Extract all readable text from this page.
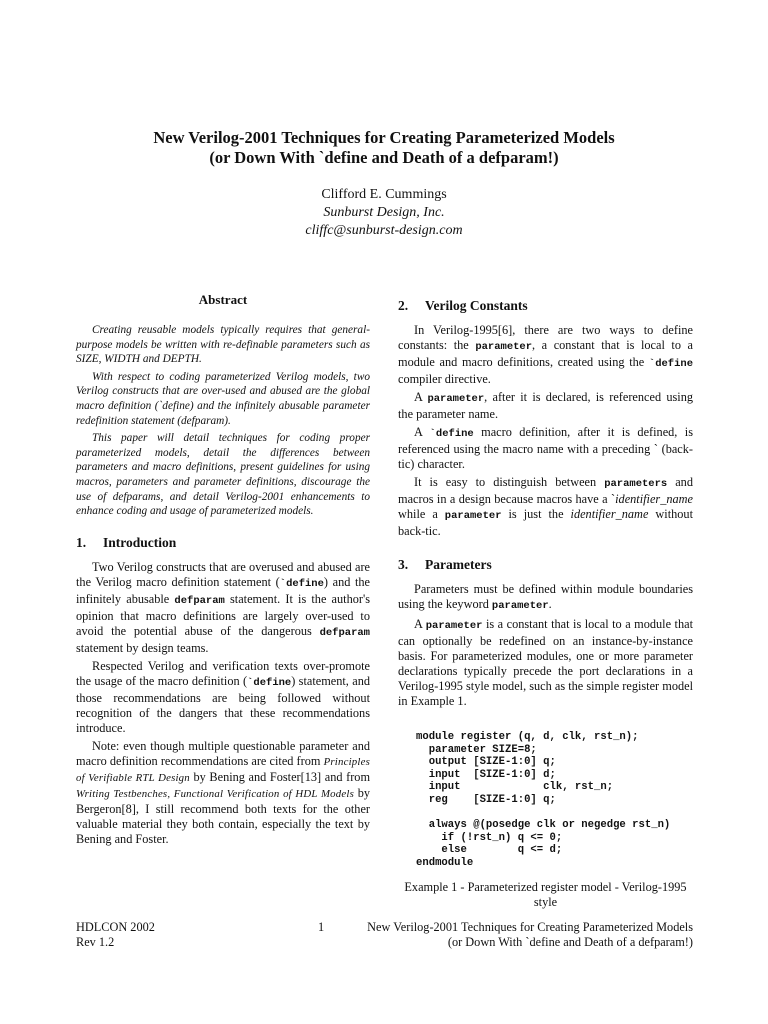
New Verilog-2001 Techniques for Creating Parameterized Models
(or Down With `define and Death of a defparam!)
Clifford E. Cummings
Sunburst Design, Inc.
cliffc@sunburst-design.com
Abstract

Creating reusable models typically requires that general-purpose models be written with re-definable parameters such as SIZE, WIDTH and DEPTH.

With respect to coding parameterized Verilog models, two Verilog constructs that are over-used and abused are the global macro definition (`define) and the infinitely abusable parameter redefinition statement (defparam).

This paper will detail techniques for coding proper parameterized models, detail the differences between parameters and macro definitions, present guidelines for using macros, parameters and parameter definitions, discourage the use of defparams, and detail Verilog-2001 enhancements to enhance coding and usage of parameterized models.

1. Introduction

Two Verilog constructs that are overused and abused are the Verilog macro definition statement (`define) and the infinitely abusable defparam statement. It is the author's opinion that macro definitions are largely over-used to avoid the potential abuse of the dangerous defparam statement by design teams.

Respected Verilog and verification texts over-promote the usage of the macro definition (`define) statement, and those recommendations are being followed without recognition of the dangers that these recommendations introduce.

Note: even though multiple questionable parameter and macro definition recommendations are cited from Principles of Verifiable RTL Design by Bening and Foster[13] and from Writing Testbenches, Functional Verification of HDL Models by Bergeron[8], I still recommend both texts for the other valuable material they both contain, especially the text by Bening and Foster.

2. Verilog Constants

In Verilog-1995[6], there are two ways to define constants: the parameter, a constant that is local to a module and macro definitions, created using the `define compiler directive.

A parameter, after it is declared, is referenced using the parameter name.

A `define macro definition, after it is defined, is referenced using the macro name with a preceding ` (back-tic) character.

It is easy to distinguish between parameters and macros in a design because macros have a `identifier_name while a parameter is just the identifier_name without back-tic.

3. Parameters

Parameters must be defined within module boundaries using the keyword parameter.

A parameter is a constant that is local to a module that can optionally be redefined on an instance-by-instance basis. For parameterized modules, one or more parameter declarations typically precede the port declarations in a Verilog-1995 style model, such as the simple register model in Example 1.

module register (q, d, clk, rst_n);
parameter SIZE=8;
output [SIZE-1:0] q;
input  [SIZE-1:0] d;
input             clk, rst_n;
reg    [SIZE-1:0] q;

always @(posedge clk or negedge rst_n)
if (!rst_n) q <= 0;
else        q <= d;
endmodule
Example 1 - Parameterized register model - Verilog-1995 style
HDLCON 2002
Rev 1.2
1	New Verilog-2001 Techniques for Creating Parameterized Models
(or Down With `define and Death of a defparam!)
